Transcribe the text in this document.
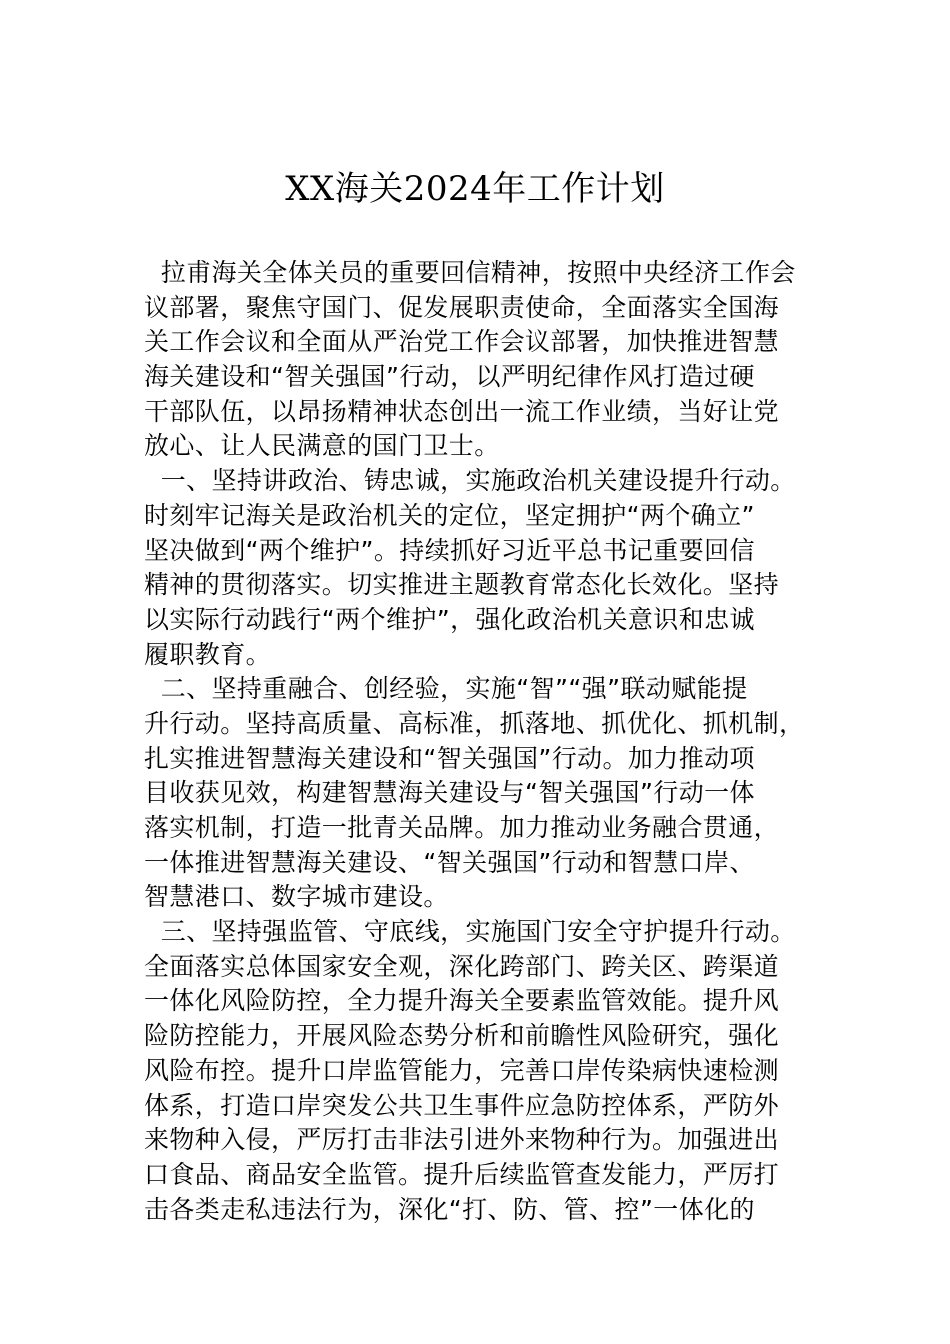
XX海关2024年工作计划
拉甫海关全体关员的重要回信精神，按照中央经济工作会
议部署，聚焦守国门、促发展职责使命，全面落实全国海
关工作会议和全面从严治党工作会议部署，加快推进智慧
海关建设和“智关强国”行动，以严明纪律作风打造过硬
干部队伍，以昂扬精神状态创出一流工作业绩，当好让党
放心、让人民满意的国门卫士。
一、坚持讲政治、铸忠诚，实施政治机关建设提升行动。
时刻牢记海关是政治机关的定位，坚定拥护“两个确立”
坚决做到“两个维护”。持续抓好习近平总书记重要回信
精神的贯彻落实。切实推进主题教育常态化长效化。坚持
以实际行动践行“两个维护”，强化政治机关意识和忠诚
履职教育。
二、坚持重融合、创经验，实施“智”“强”联动赋能提
升行动。坚持高质量、高标准，抓落地、抓优化、抓机制，
扎实推进智慧海关建设和“智关强国”行动。加力推动项
目收获见效，构建智慧海关建设与“智关强国”行动一体
落实机制，打造一批青关品牌。加力推动业务融合贯通，
一体推进智慧海关建设、“智关强国”行动和智慧口岸、
智慧港口、数字城市建设。
三、坚持强监管、守底线，实施国门安全守护提升行动。
全面落实总体国家安全观，深化跨部门、跨关区、跨渠道
一体化风险防控，全力提升海关全要素监管效能。提升风
险防控能力，开展风险态势分析和前瞻性风险研究，强化
风险布控。提升口岸监管能力，完善口岸传染病快速检测
体系，打造口岸突发公共卫生事件应急防控体系，严防外
来物种入侵，严厉打击非法引进外来物种行为。加强进出
口食品、商品安全监管。提升后续监管查发能力，严厉打
击各类走私违法行为，深化“打、防、管、控”一体化的
